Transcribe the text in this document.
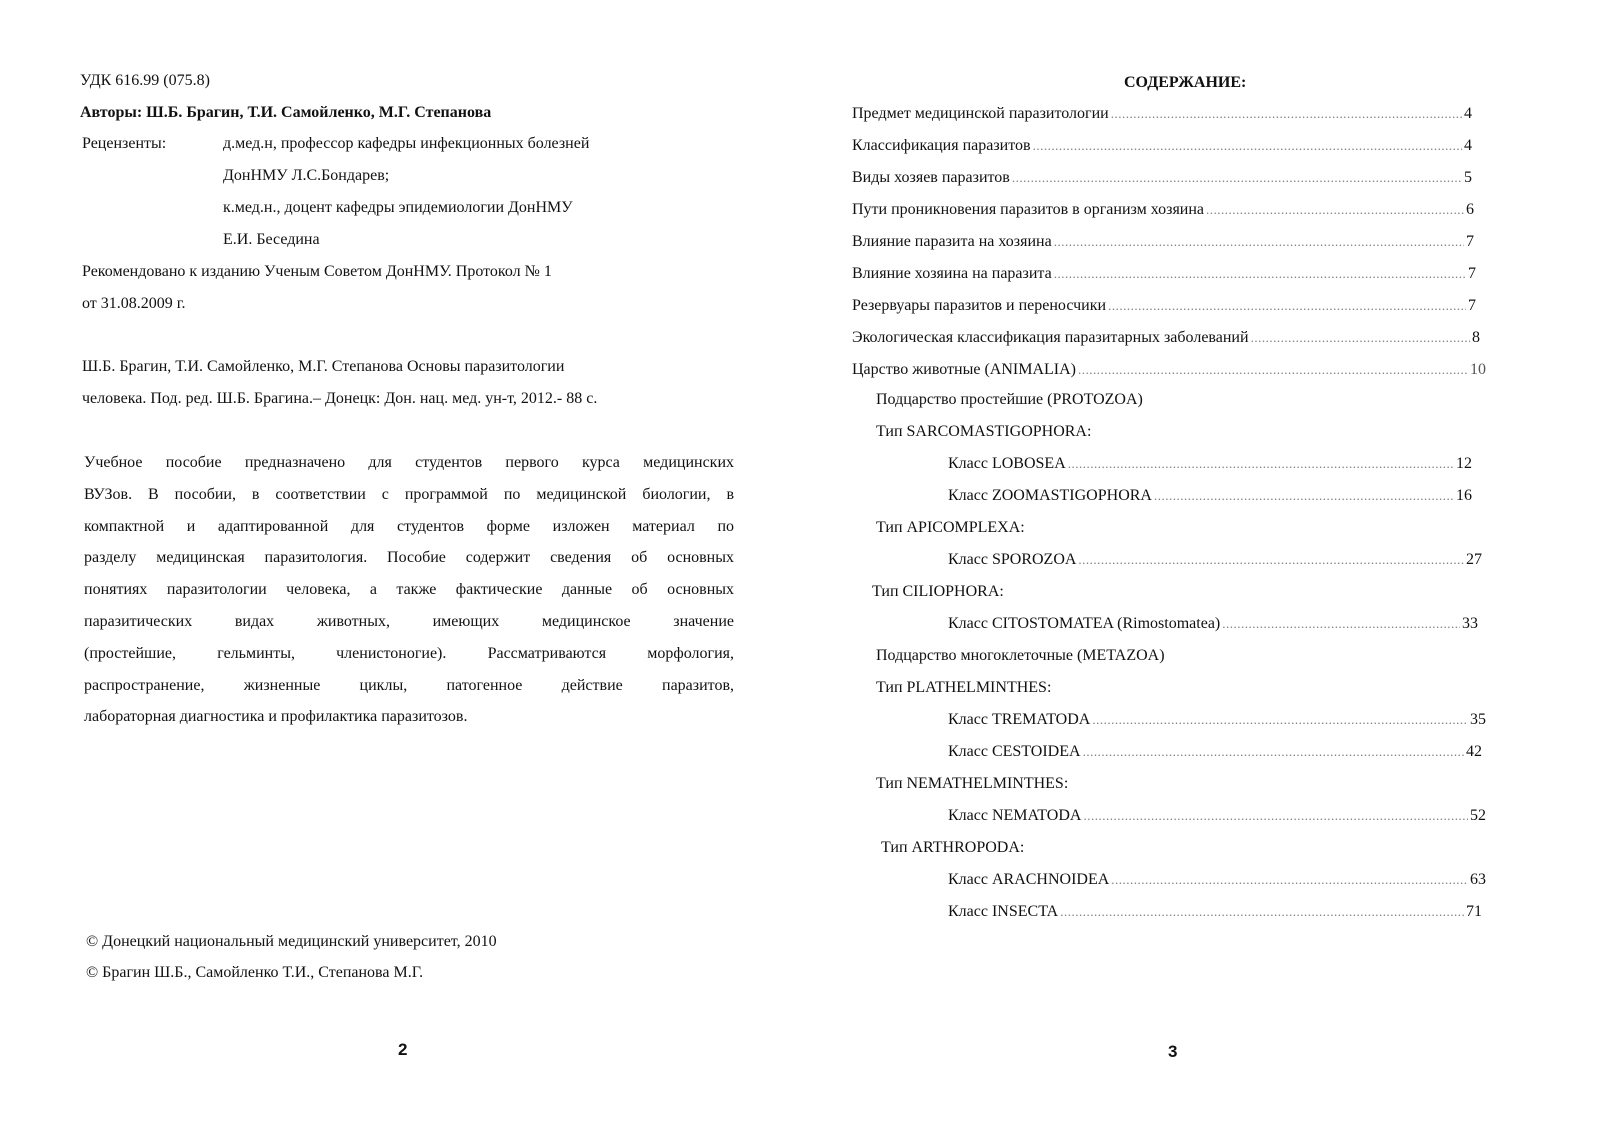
УДК 616.99 (075.8)
Авторы: Ш.Б. Брагин, Т.И. Самойленко, М.Г. Степанова
Рецензенты:	д.мед.н, профессор кафедры инфекционных болезней
ДонНМУ Л.С.Бондарев;
к.мед.н., доцент кафедры эпидемиологии ДонНМУ
Е.И. Беседина
Рекомендовано к изданию Ученым Советом ДонНМУ. Протокол № 1
от 31.08.2009 г.
Ш.Б. Брагин, Т.И. Самойленко, М.Г. Степанова Основы паразитологии
человека. Под. ред. Ш.Б. Брагина.– Донецк: Дон. нац. мед. ун-т, 2012.- 88 с.
Учебное пособие предназначено для студентов первого курса медицинских
ВУЗов. В пособии, в соответствии с программой по медицинской биологии, в
компактной и адаптированной для студентов форме изложен материал по
разделу медицинская паразитология. Пособие содержит сведения об основных
понятиях паразитологии человека, а также фактические данные об основных
паразитических видах животных, имеющих медицинское значение
(простейшие, гельминты, членистоногие). Рассматриваются морфология,
распространение, жизненные циклы, патогенное действие паразитов,
лабораторная диагностика и профилактика паразитозов.
© Донецкий национальный медицинский университет, 2010
© Брагин Ш.Б., Самойленко Т.И., Степанова М.Г.
2
СОДЕРЖАНИЕ:
Предмет медицинской паразитологии .....	4
Классификация паразитов .....	4
Виды хозяев паразитов .....	5
Пути проникновения паразитов в организм хозяина .....	6
Влияние паразита на хозяина .....	7
Влияние хозяина на паразита .....	7
Резервуары паразитов и переносчики .....	7
Экологическая классификация паразитарных заболеваний .....	8
Царство животные (ANIMALIA) .....	10
Подцарство простейшие (PROTOZOA)
Тип SARCOMASTIGOPHORA:
Класс LOBOSEA .....	12
Класс ZOOMASTIGOPHORA .....	16
Тип APICOMPLEXA:
Класс SPOROZOA .....	27
Тип CILIOPHORA:
Класс CITOSTOMATEA (Rimostomatea) .....	33
Подцарство многоклеточные (METAZOA)
Тип PLATHELMINTHES:
Класс TREMATODA .....	35
Класс CESTOIDEA .....	42
Тип NEMATHELMINTHES:
Класс NEMATODA .....	52
Тип ARTHROPODA:
Класс ARACHNOIDEA .....	63
Класс INSECTA .....	71
3
